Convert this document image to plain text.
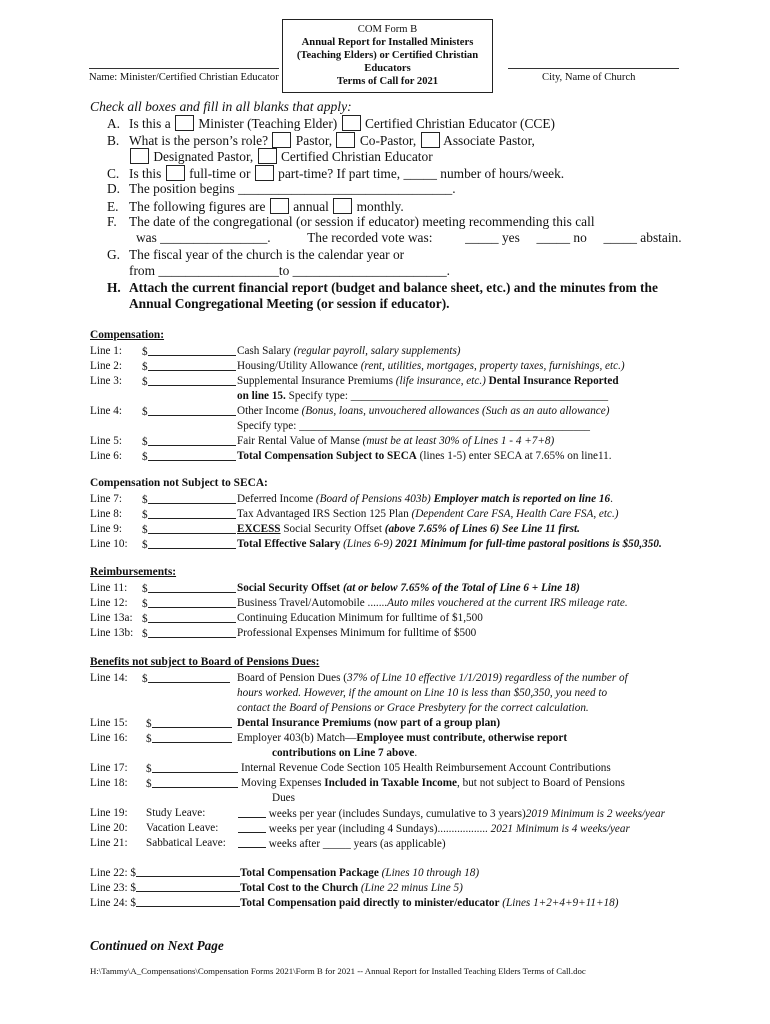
Name: Minister/Certified Christian Educator
COM Form B
Annual Report for Installed Ministers
(Teaching Elders) or Certified Christian
Educators
Terms of Call for 2021	City, Name of Church
Check all boxes and fill in all blanks that apply:
A. Is this a Minister (Teaching Elder) Certified Christian Educator (CCE)
B. What is the person’s role? Pastor, Co-Pastor, Associate Pastor,
Designated Pastor, Certified Christian Educator
C. Is this full-time or part-time? If part time, _____ number of hours/week.
D. The position begins ________________________________.
E. The following figures are annual monthly.
F. The date of the congregational (or session if educator) meeting recommending this call
was ________________.	The recorded vote was: _____ yes _____ no _____ abstain.
G. The fiscal year of the church is the calendar year or
from __________________to _______________________.
H. Attach the current financial report (budget and balance sheet, etc.) and the minutes from the
Annual Congregational Meeting (or session if educator).
Compensation:
Line 1: $	Cash Salary (regular payroll, salary supplements)
Line 2: $	Housing/Utility Allowance (rent, utilities, mortgages, property taxes, furnishings, etc.)
Line 3: $	Supplemental Insurance Premiums (life insurance, etc.) Dental Insurance Reported
on line 15. Specify type: ______________________________________________
Line 4: $	Other Income (Bonus, loans, unvouchered allowances (Such as an auto allowance)
Specify type: ____________________________________________________
Line 5: $	Fair Rental Value of Manse (must be at least 30% of Lines 1 - 4 +7+8)
Line 6: $	Total Compensation Subject to SECA (lines 1-5) enter SECA at 7.65% on line11.
Compensation not Subject to SECA:
Line 7: $	Deferred Income (Board of Pensions 403b) Employer match is reported on line 16.
Line 8: $	Tax Advantaged IRS Section 125 Plan (Dependent Care FSA, Health Care FSA, etc.)
Line 9: $	EXCESS Social Security Offset (above 7.65% of Lines 6) See Line 11 first.
Line 10: $	Total Effective Salary (Lines 6-9) 2021 Minimum for full-time pastoral positions is $50,350.
Reimbursements:
Line 11: $	Social Security Offset (at or below 7.65% of the Total of Line 6 + Line 18)
Line 12: $	Business Travel/Automobile .......Auto miles vouchered at the current IRS mileage rate.
Line 13a: $	Continuing Education Minimum for fulltime of $1,500
Line 13b: $	Professional Expenses Minimum for fulltime of $500
Benefits not subject to Board of Pensions Dues:
Line 14: $	Board of Pension Dues (37% of Line 10 effective 1/1/2019) regardless of the number of
hours worked. However, if the amount on Line 10 is less than $50,350, you need to
contact the Board of Pensions or Grace Presbytery for the correct calculation.
Line 15: $	Dental Insurance Premiums (now part of a group plan)
Line 16: $	Employer 403(b) Match—Employee must contribute, otherwise report
contributions on Line 7 above.
Line 17: $	Internal Revenue Code Section 105 Health Reimbursement Account Contributions
Line 18: $	Moving Expenses Included in Taxable Income, but not subject to Board of Pensions
Dues
Line 19: Study Leave:	weeks per year (includes Sundays, cumulative to 3 years)2019 Minimum is 2 weeks/year
Line 20: Vacation Leave:	weeks per year (including 4 Sundays).................. 2021 Minimum is 4 weeks/year
Line 21: Sabbatical Leave:	weeks after _____ years (as applicable)
Line 22: $	Total Compensation Package (Lines 10 through 18)
Line 23: $	Total Cost to the Church (Line 22 minus Line 5)
Line 24: $	Total Compensation paid directly to minister/educator (Lines 1+2+4+9+11+18)
Continued on Next Page
H:\Tammy\A_Compensations\Compensation Forms 2021\Form B for 2021 -- Annual Report for Installed Teaching Elders Terms of Call.doc
